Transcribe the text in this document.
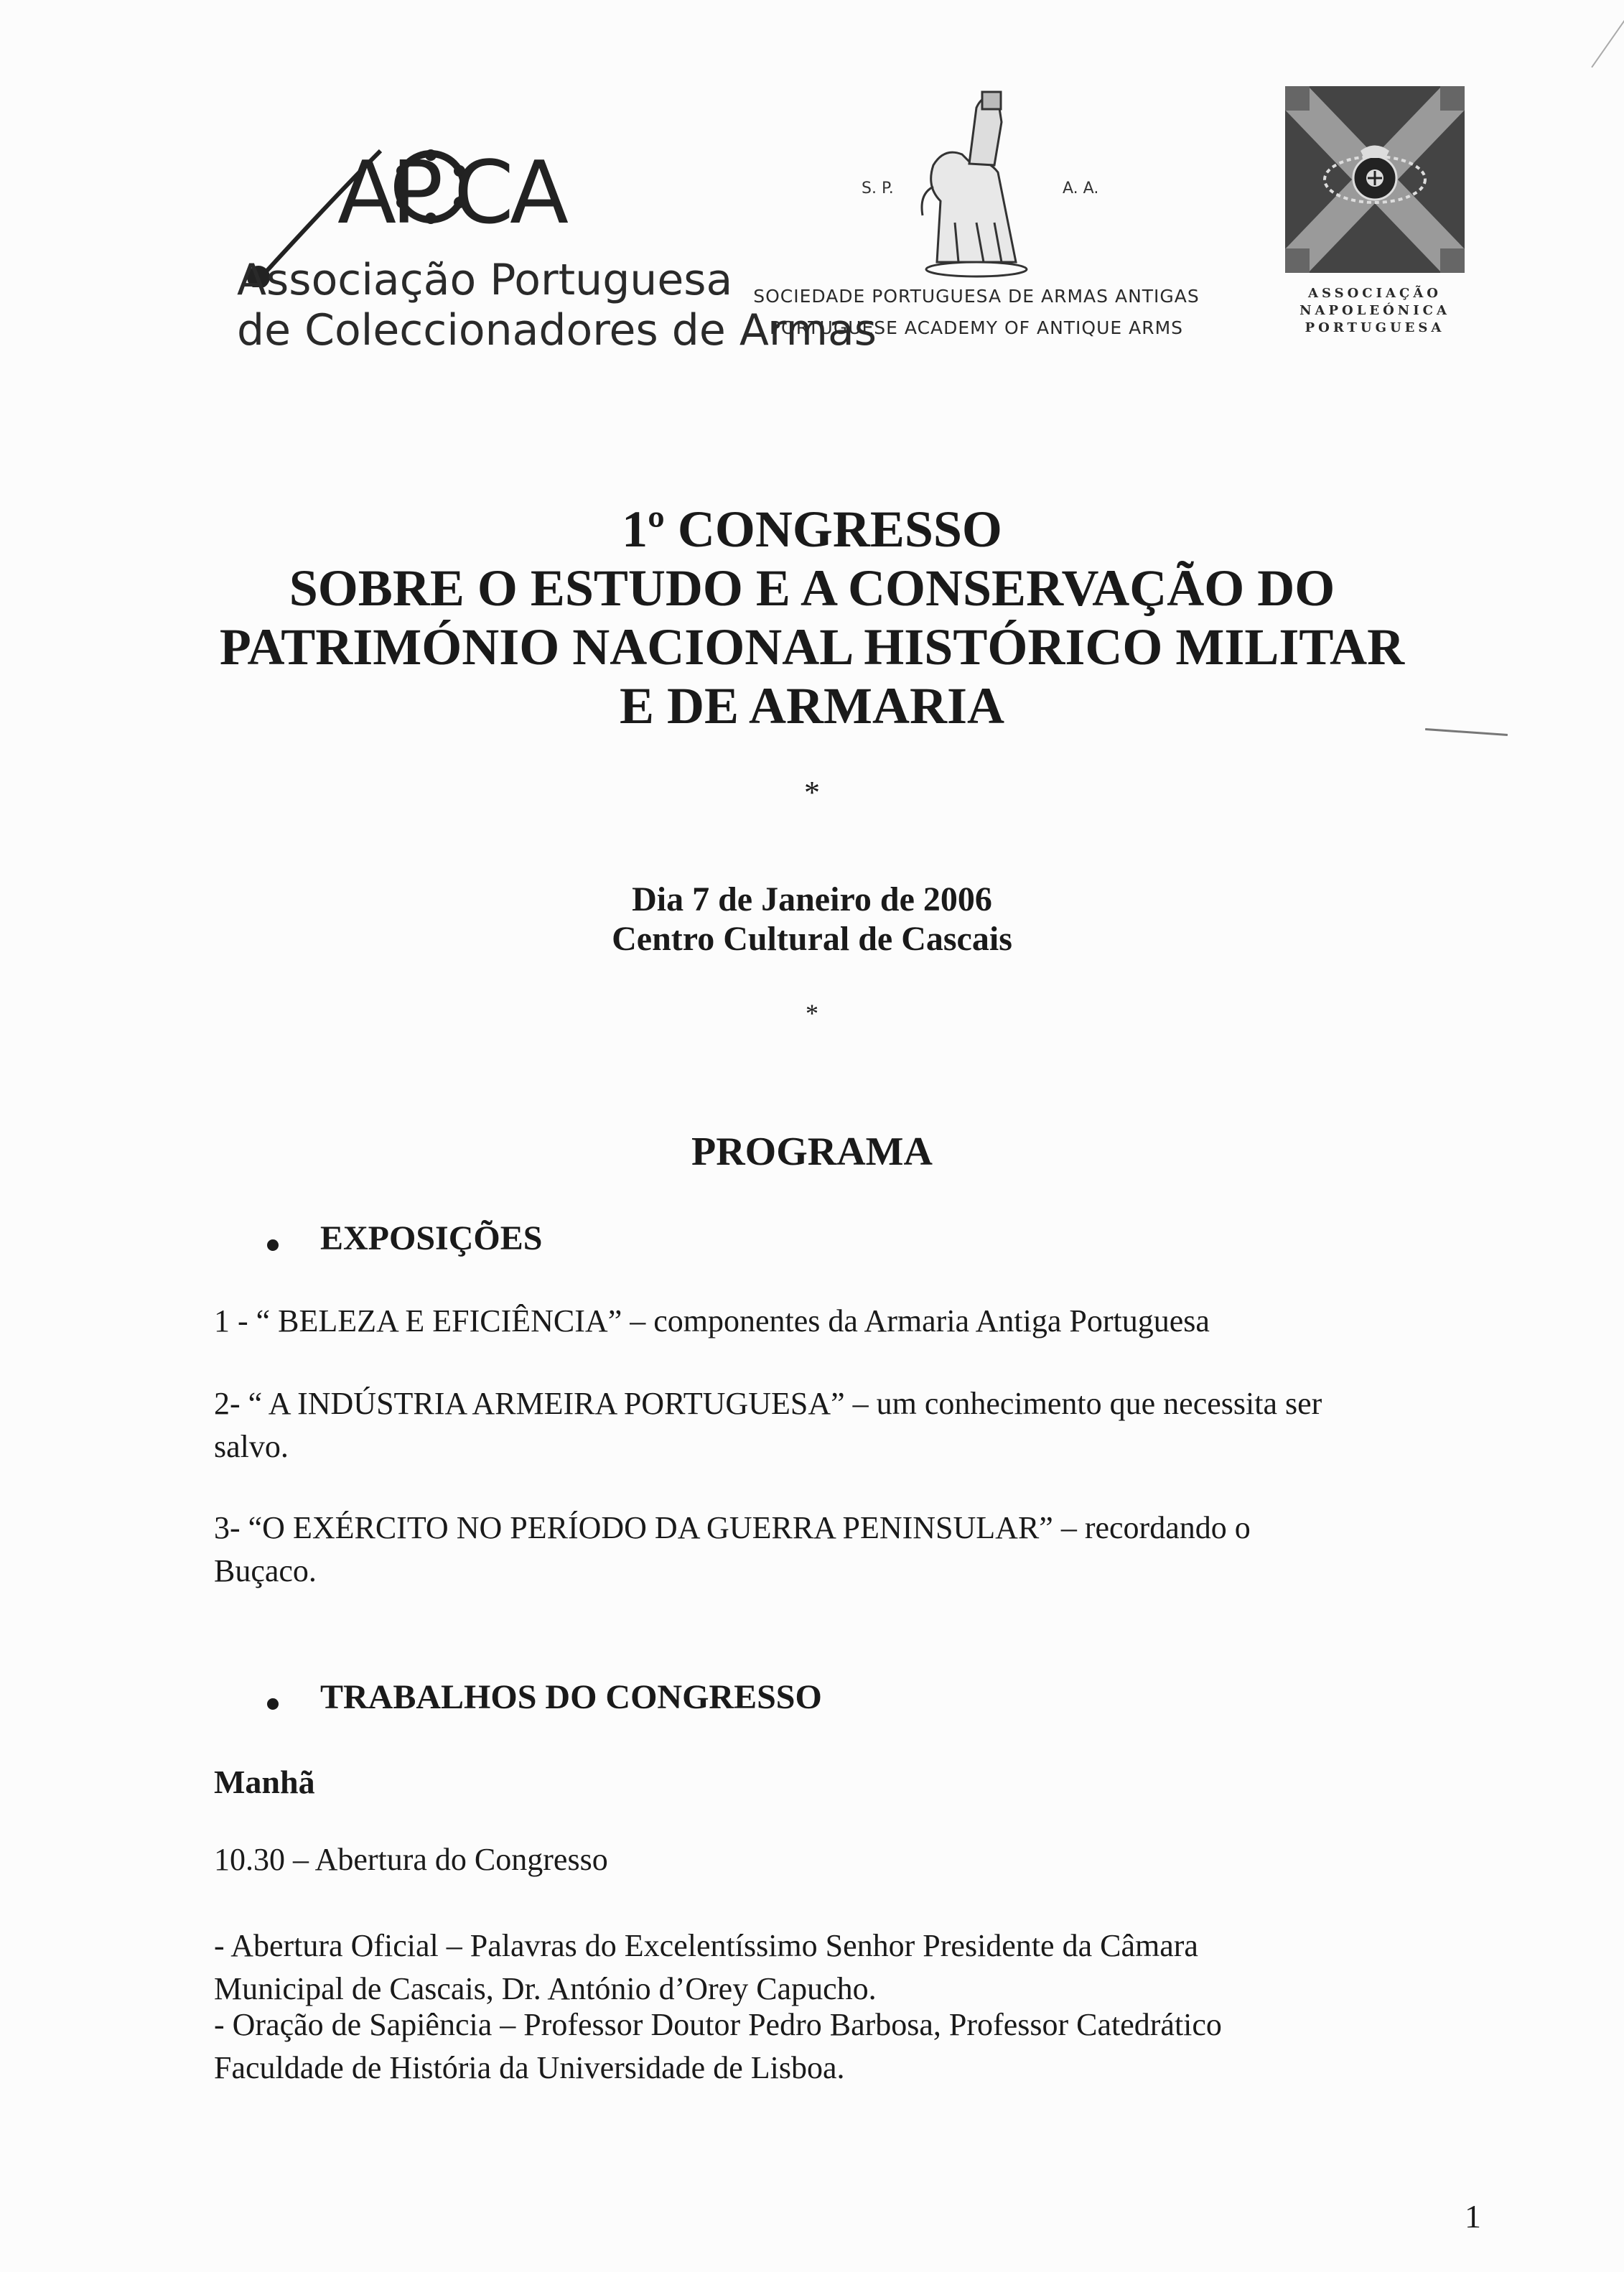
A
P C
A
Associação Portuguesa
de Coleccionadores de Armas
S. P.	A. A.
SOCIEDADE PORTUGUESA DE ARMAS ANTIGAS
PORTUGUESE ACADEMY OF ANTIQUE ARMS
ASSOCIAÇÃO
NAPOLEÓNICA
PORTUGUESA
1º CONGRESSO
SOBRE O ESTUDO E A CONSERVAÇÃO DO
PATRIMÓNIO NACIONAL HISTÓRICO MILITAR
E DE ARMARIA
*
Dia 7 de Janeiro de 2006
Centro Cultural de Cascais
*
PROGRAMA
EXPOSIÇÕES
1 - “ BELEZA E EFICIÊNCIA” – componentes da Armaria Antiga Portuguesa
2- “ A INDÚSTRIA ARMEIRA PORTUGUESA” – um conhecimento que necessita ser
salvo.
3- “O EXÉRCITO NO PERÍODO DA GUERRA PENINSULAR” – recordando o
Buçaco.
TRABALHOS DO CONGRESSO
Manhã
10.30 – Abertura do Congresso
- Abertura Oficial – Palavras do Excelentíssimo Senhor Presidente da Câmara
Municipal de Cascais, Dr. António d’Orey Capucho.
- Oração de Sapiência – Professor Doutor Pedro Barbosa, Professor Catedrático
Faculdade de História da Universidade de Lisboa.
1
